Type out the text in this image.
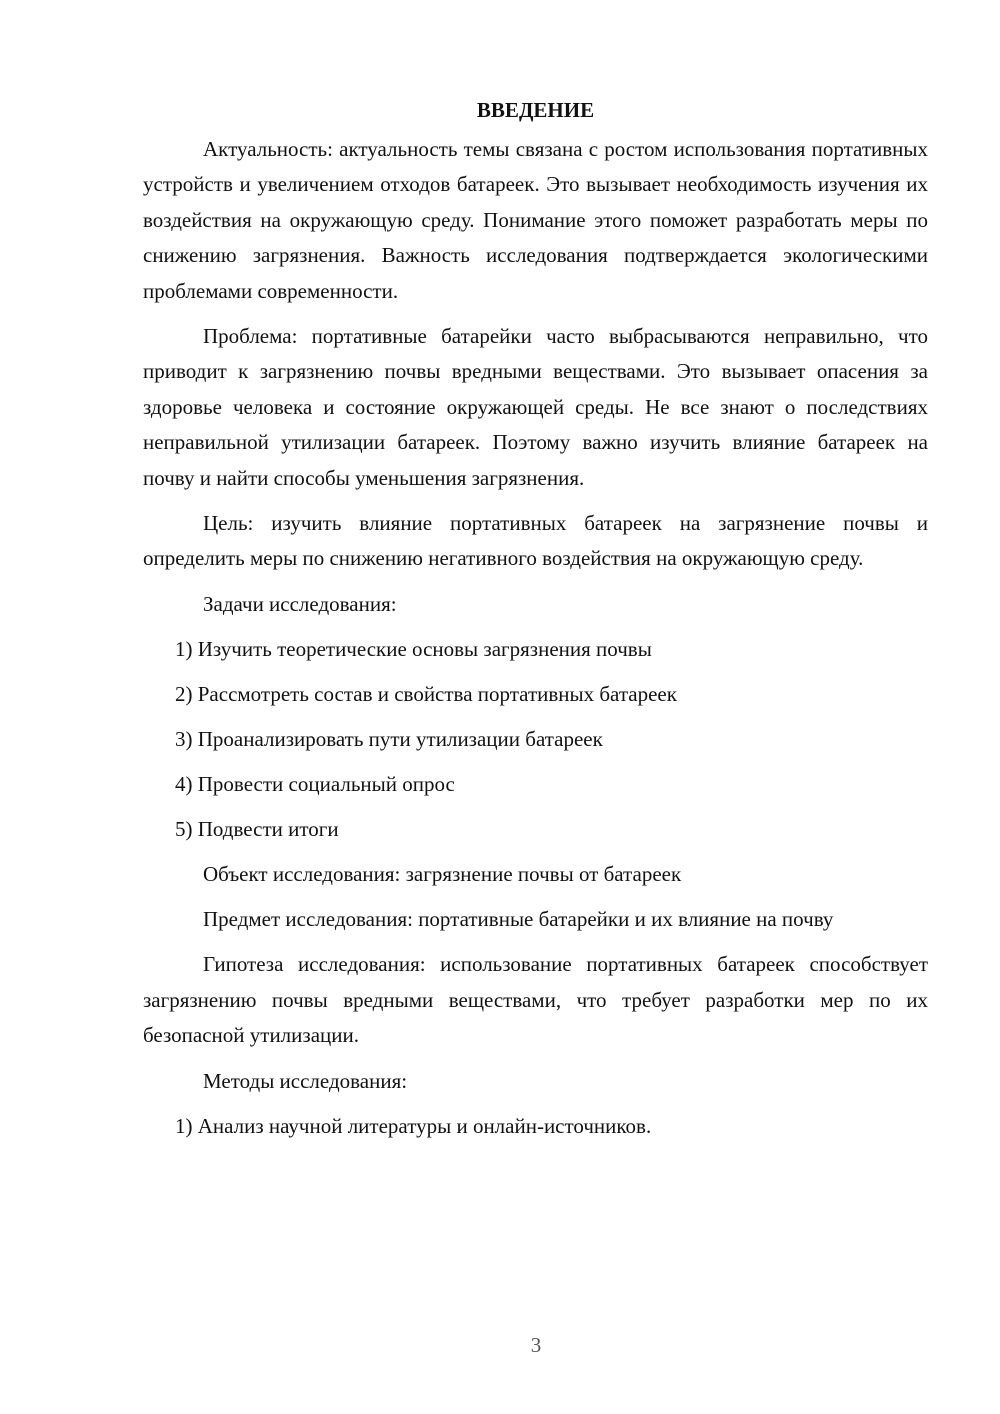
ВВЕДЕНИЕ

Актуальность: актуальность темы связана с ростом использования портативных устройств и увеличением отходов батареек. Это вызывает необходимость изучения их воздействия на окружающую среду. Понимание этого поможет разработать меры по снижению загрязнения. Важность исследования подтверждается экологическими проблемами современности.

Проблема: портативные батарейки часто выбрасываются неправильно, что приводит к загрязнению почвы вредными веществами. Это вызывает опасения за здоровье человека и состояние окружающей среды. Не все знают о последствиях неправильной утилизации батареек. Поэтому важно изучить влияние батареек на почву и найти способы уменьшения загрязнения.

Цель: изучить влияние портативных батареек на загрязнение почвы и определить меры по снижению негативного воздействия на окружающую среду.

Задачи исследования:
1) Изучить теоретические основы загрязнения почвы
2) Рассмотреть состав и свойства портативных батареек
3) Проанализировать пути утилизации батареек
4) Провести социальный опрос
5) Подвести итоги
Объект исследования: загрязнение почвы от батареек

Предмет исследования: портативные батарейки и их влияние на почву

Гипотеза исследования: использование портативных батареек способствует загрязнению почвы вредными веществами, что требует разработки мер по их безопасной утилизации.

Методы исследования:
1) Анализ научной литературы и онлайн-источников.
3
